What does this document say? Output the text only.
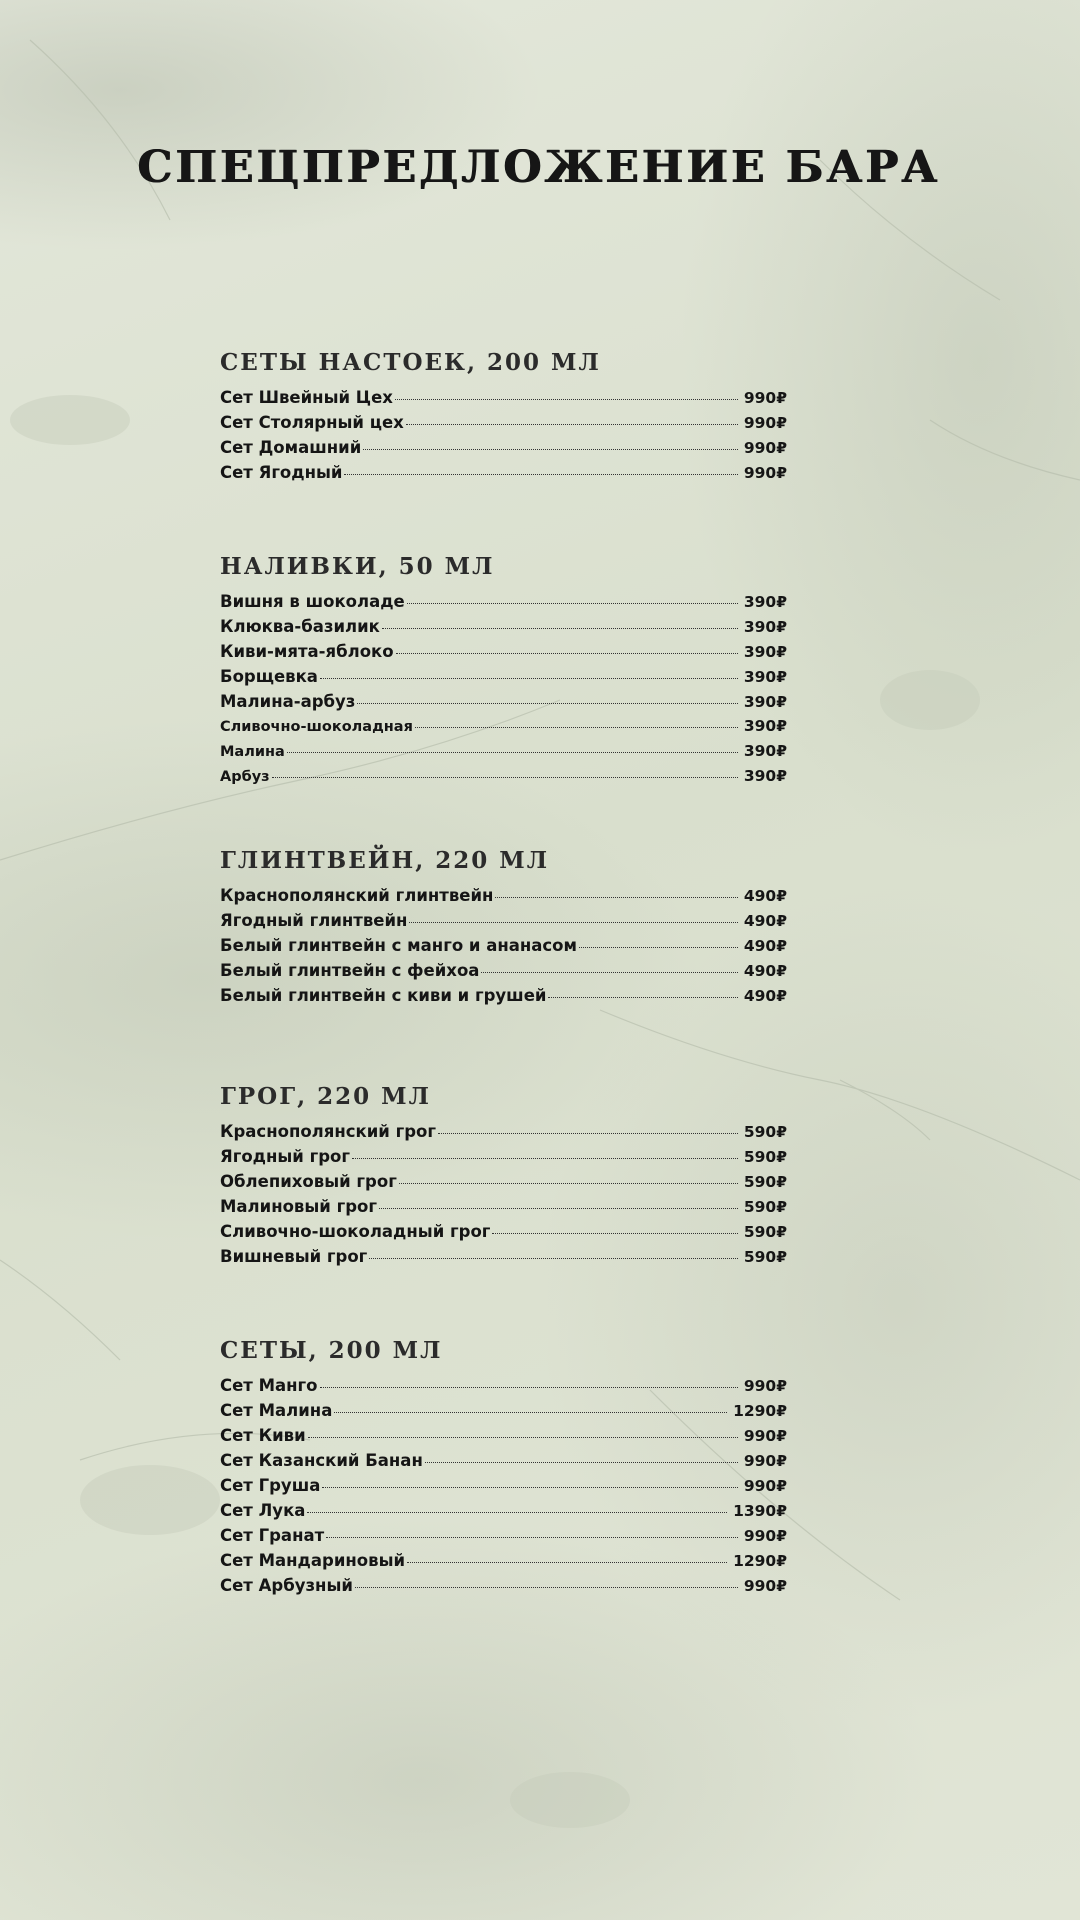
СПЕЦПРЕДЛОЖЕНИЕ БАРА
СЕТЫ НАСТОЕК, 200 МЛ
Сет Швейный Цех	990₽
Сет Столярный цех	990₽
Сет Домашний	990₽
Сет Ягодный	990₽
НАЛИВКИ, 50 МЛ
Вишня в шоколаде	390₽
Клюква-базилик	390₽
Киви-мята-яблоко	390₽
Борщевка	390₽
Малина-арбуз	390₽
Сливочно-шоколадная	390₽
Малина	390₽
Арбуз	390₽
ГЛИНТВЕЙН, 220 МЛ
Краснополянский глинтвейн	490₽
Ягодный глинтвейн	490₽
Белый глинтвейн с манго и ананасом	490₽
Белый глинтвейн с фейхоа	490₽
Белый глинтвейн с киви и грушей	490₽
ГРОГ, 220 МЛ
Краснополянский грог	590₽
Ягодный грог	590₽
Облепиховый грог	590₽
Малиновый грог	590₽
Сливочно-шоколадный грог	590₽
Вишневый грог	590₽
СЕТЫ, 200 МЛ
Сет Манго	990₽
Сет Малина	1290₽
Сет Киви	990₽
Сет Казанский Банан	990₽
Сет Груша	990₽
Сет Лука	1390₽
Сет Гранат	990₽
Сет Мандариновый	1290₽
Сет Арбузный	990₽
